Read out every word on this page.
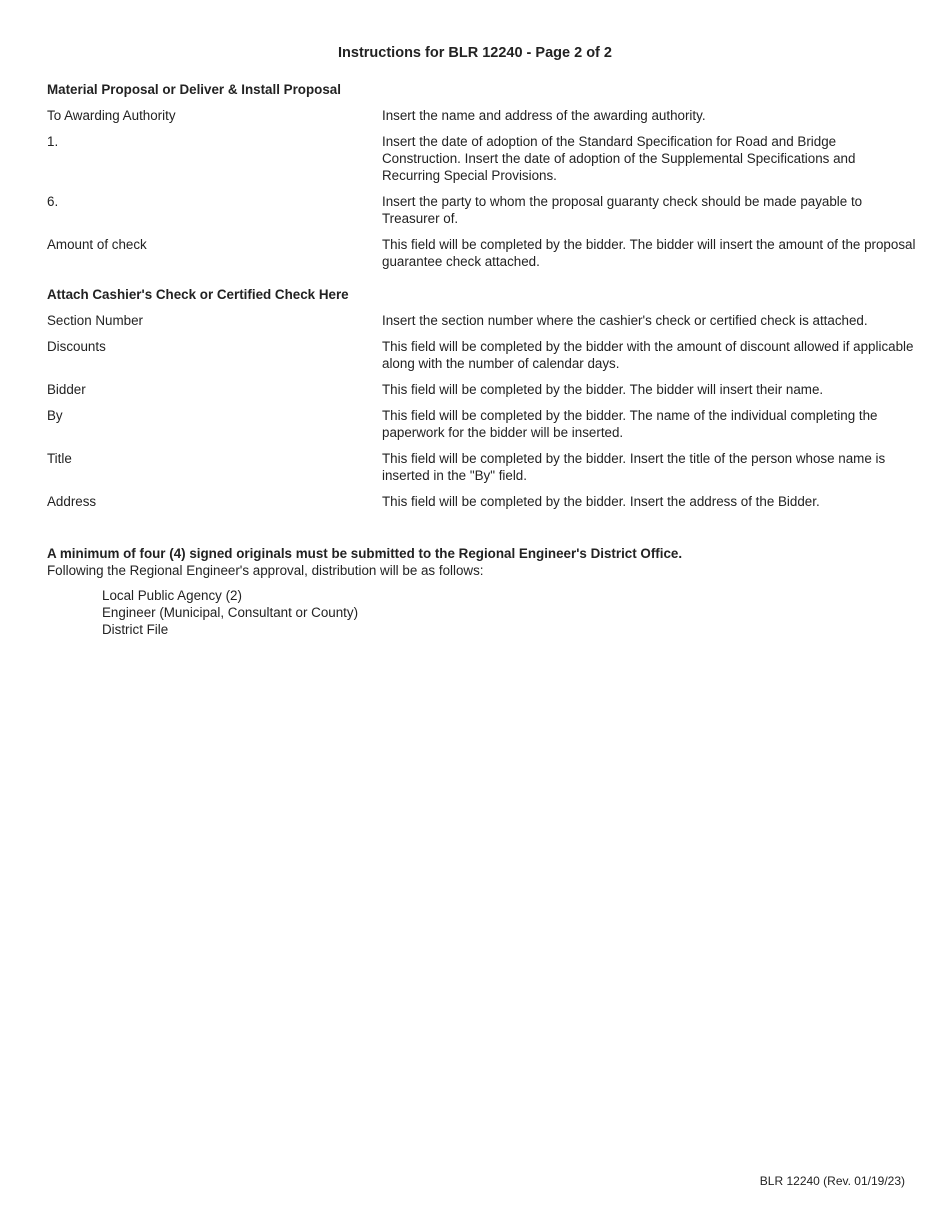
Instructions for BLR 12240 - Page 2 of 2
Material Proposal or Deliver & Install Proposal
To Awarding Authority	Insert the name and address of the awarding authority.
1.	Insert the date of adoption of the Standard Specification for Road and Bridge Construction. Insert the date of adoption of the Supplemental Specifications and Recurring Special Provisions.
6.	Insert the party to whom the proposal guaranty check should be made payable to Treasurer of.
Amount of check	This field will be completed by the bidder. The bidder will insert the amount of the proposal guarantee check attached.
Attach Cashier's Check or Certified Check Here
Section Number	Insert the section number where the cashier's check or certified check is attached.
Discounts	This field will be completed by the bidder with the amount of discount allowed if applicable along with the number of calendar days.
Bidder	This field will be completed by the bidder. The bidder will insert their name.
By	This field will be completed by the bidder. The name of the individual completing the paperwork for the bidder will be inserted.
Title	This field will be completed by the bidder. Insert the title of the person whose name is inserted in the "By" field.
Address	This field will be completed by the bidder. Insert the address of the Bidder.
A minimum of four (4) signed originals must be submitted to the Regional Engineer's District Office.
Following the Regional Engineer's approval, distribution will be as follows:
Local Public Agency (2)
Engineer (Municipal, Consultant or County)
District File
BLR 12240 (Rev. 01/19/23)
